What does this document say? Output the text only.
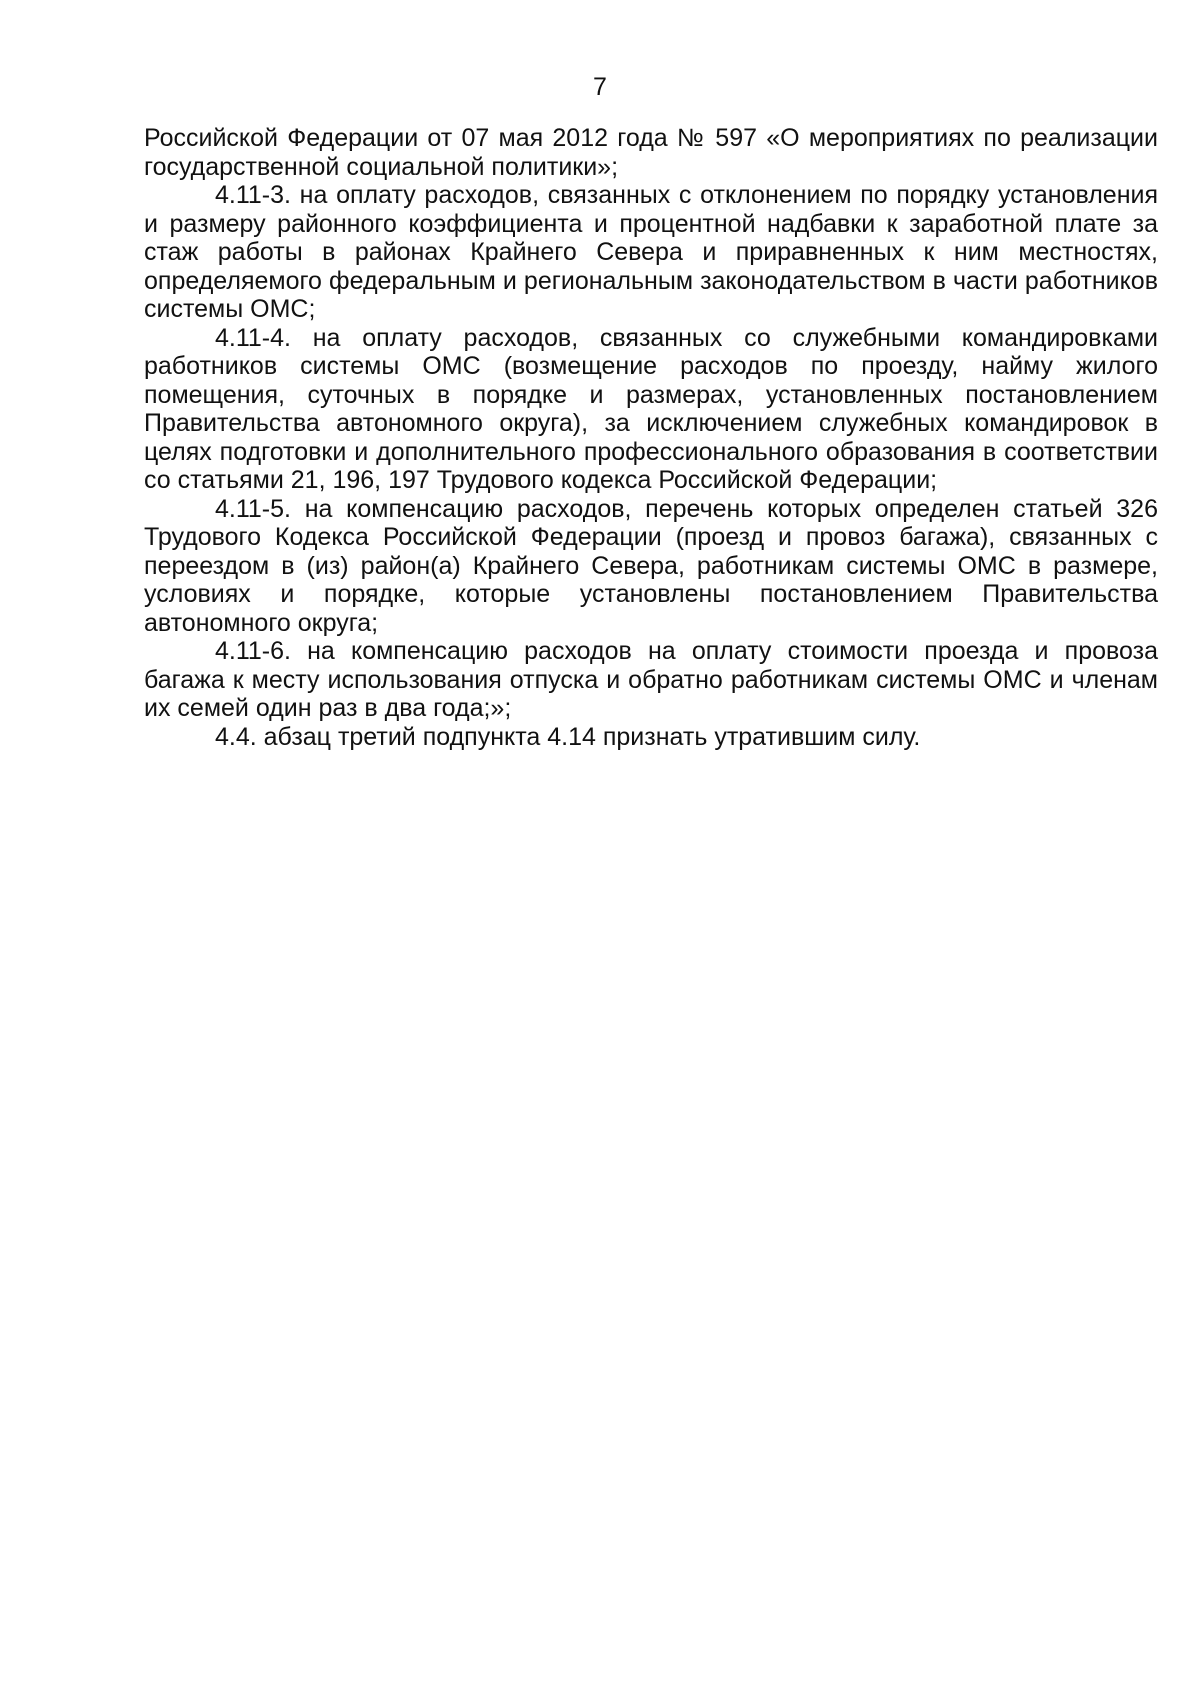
7

Российской Федерации от 07 мая 2012 года № 597 «О мероприятиях по реализации государственной социальной политики»;

4.11-3. на оплату расходов, связанных с отклонением по порядку установления и размеру районного коэффициента и процентной надбавки к заработной плате за стаж работы в районах Крайнего Севера и приравненных к ним местностях, определяемого федеральным и региональным законодательством в части работников системы ОМС;

4.11-4. на оплату расходов, связанных со служебными командировками работников системы ОМС (возмещение расходов по проезду, найму жилого помещения, суточных в порядке и размерах, установленных постановлением Правительства автономного округа), за исключением служебных командировок в целях подготовки и дополнительного профессионального образования в соответствии со статьями 21, 196, 197 Трудового кодекса Российской Федерации;

4.11-5. на компенсацию расходов, перечень которых определен статьей 326 Трудового Кодекса Российской Федерации (проезд и провоз багажа), связанных с переездом в (из) район(а) Крайнего Севера, работникам системы ОМС в размере, условиях и порядке, которые установлены постановлением Правительства автономного округа;

4.11-6. на компенсацию расходов на оплату стоимости проезда и провоза багажа к месту использования отпуска и обратно работникам системы ОМС и членам их семей один раз в два года;»;

4.4. абзац третий подпункта 4.14 признать утратившим силу.
